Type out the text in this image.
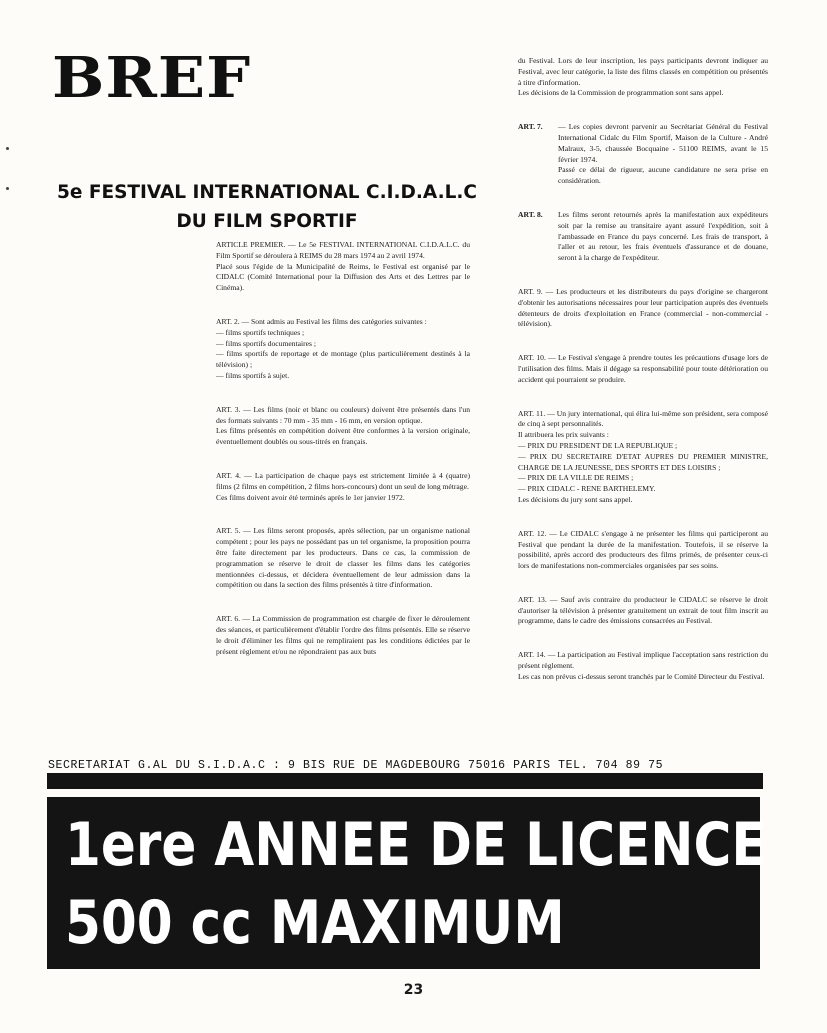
BREF
5e FESTIVAL INTERNATIONAL C.I.D.A.L.C
DU FILM SPORTIF

ARTICLE PREMIER. — Le 5e FESTIVAL INTERNATIONAL C.I.D.A.L.C. du Film Sportif se déroulera à REIMS du 28 mars 1974 au 2 avril 1974.

Placé sous l'égide de la Municipalité de Reims, le Festival est organisé par le CIDALC (Comité International pour la Diffusion des Arts et des Lettres par le Cinéma).

ART. 2. — Sont admis au Festival les films des catégories suivantes :

— films sportifs techniques ;

— films sportifs documentaires ;

— films sportifs de reportage et de montage (plus particulièrement destinés à la télévision) ;

— films sportifs à sujet.

ART. 3. — Les films (noir et blanc ou couleurs) doivent être présentés dans l'un des formats suivants : 70 mm - 35 mm - 16 mm, en version optique.

Les films présentés en compétition doivent être conformes à la version originale, éventuellement doublés ou sous-titrés en français.

ART. 4. — La participation de chaque pays est strictement limitée à 4 (quatre) films (2 films en compétition, 2 films hors-concours) dont un seul de long métrage.

Ces films doivent avoir été terminés après le 1er janvier 1972.

ART. 5. — Les films seront proposés, après sélection, par un organisme national compétent ; pour les pays ne possédant pas un tel organisme, la proposition pourra être faite directement par les producteurs. Dans ce cas, la commission de programmation se réserve le droit de classer les films dans les catégories mentionnées ci-dessus, et décidera éventuellement de leur admission dans la compétition ou dans la section des films présentés à titre d'information.

ART. 6. — La Commission de programmation est chargée de fixer le déroulement des séances, et particulièrement d'établir l'ordre des films présentés. Elle se réserve le droit d'éliminer les films qui ne rempliraient pas les conditions édictées par le présent règlement et/ou ne répondraient pas aux buts

du Festival. Lors de leur inscription, les pays participants devront indiquer au Festival, avec leur catégorie, la liste des films classés en compétition ou présentés à titre d'information.

Les décisions de la Commission de programmation sont sans appel.

ART. 7.	— Les copies devront parvenir au Secrétariat Général du Festival International Cidalc du Film Sportif, Maison de la Culture - André Malraux, 3-5, chaussée Bocquaine - 51100 REIMS, avant le 15 février 1974.
Passé ce délai de rigueur, aucune candidature ne sera prise en considération.
ART. 8.	Les films seront retournés après la manifestation aux expéditeurs soit par la remise au transitaire ayant assuré l'expédition, soit à l'ambassade en France du pays concerné. Les frais de transport, à l'aller et au retour, les frais éventuels d'assurance et de douane, seront à la charge de l'expéditeur.

ART. 9. — Les producteurs et les distributeurs du pays d'origine se chargeront d'obtenir les autorisations nécessaires pour leur participation auprès des éventuels détenteurs de droits d'exploitation en France (commercial - non-commercial - télévision).

ART. 10. — Le Festival s'engage à prendre toutes les précautions d'usage lors de l'utilisation des films. Mais il dégage sa responsabilité pour toute détérioration ou accident qui pourraient se produire.

ART. 11. — Un jury international, qui élira lui-même son président, sera composé de cinq à sept personnalités.

Il attribuera les prix suivants :

— PRIX DU PRESIDENT DE LA REPUBLIQUE ;

— PRIX DU SECRETAIRE D'ETAT AUPRES DU PREMIER MINISTRE, CHARGE DE LA JEUNESSE, DES SPORTS ET DES LOISIRS ;

— PRIX DE LA VILLE DE REIMS ;

— PRIX CIDALC - RENE BARTHELEMY.

Les décisions du jury sont sans appel.

ART. 12. — Le CIDALC s'engage à ne présenter les films qui participeront au Festival que pendant la durée de la manifestation. Toutefois, il se réserve la possibilité, après accord des producteurs des films primés, de présenter ceux-ci lors de manifestations non-commerciales organisées par ses soins.

ART. 13. — Sauf avis contraire du producteur le CIDALC se réserve le droit d'autoriser la télévision à présenter gratuitement un extrait de tout film inscrit au programme, dans le cadre des émissions consacrées au Festival.

ART. 14. — La participation au Festival implique l'acceptation sans restriction du présent règlement.

Les cas non prévus ci-dessus seront tranchés par le Comité Directeur du Festival.

SECRETARIAT G.AL DU S.I.D.A.C : 9 BIS RUE DE MAGDEBOURG 75016 PARIS TEL. 704 89 75
1ere ANNEE DE LICENCE
500 cc MAXIMUM
23
